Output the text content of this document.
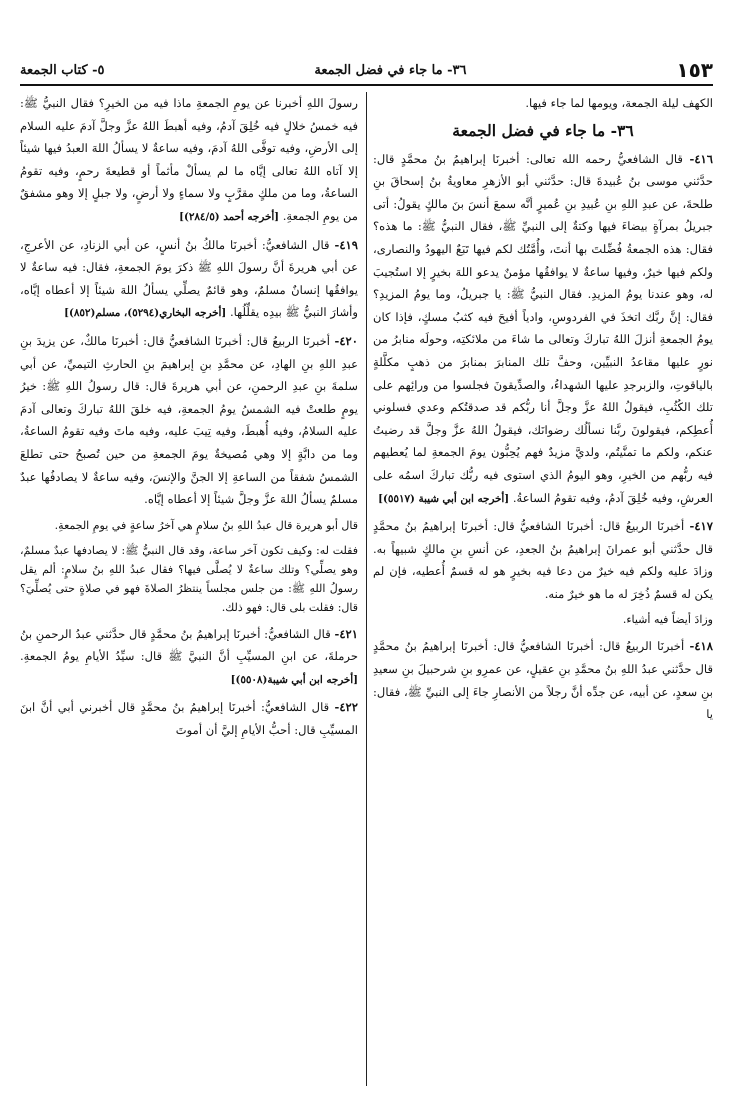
١٥٣
٣٦- ما جاء في فضل الجمعة
٥- كتاب الجمعة

الكهف ليلة الجمعة، ويومها لما جاء فيها.

٣٦- ما جاء في فضل الجمعة

٤١٦- قال الشافعيُّ رحمه الله تعالى: أخبرنَا إبراهيمُ بنُ محمَّدٍ قال: حدَّثني موسى بنُ عُبيدةَ قال: حدَّثني أبو الأزهرِ معاويةُ بنُ إسحاقَ بنِ طلحةَ، عن عبدِ اللهِ بنِ عُبيدِ بنِ عُميرٍ أنَّه سمعَ أنسَ بنَ مالكٍ يقولُ: أتى جبريلُ بمرآةٍ بيضاءَ فيها وكتةٌ إلى النبيِّ ﷺ، فقال النبيُّ ﷺ: ما هذه؟ فقال: هذه الجمعةُ فُضِّلتَ بها أنتَ، وأُمَّتُك لكم فيها تَبَعٌ اليهودُ والنصارى، ولكم فيها خيرٌ، وفيها ساعةٌ لا يوافقُها مؤمنٌ يدعو اللهَ بخيرٍ إلا استُجيبَ له، وهو عندنا يومُ المزيدِ. فقال النبيُّ ﷺ: يا جبريلُ، وما يومُ المزيدِ؟ فقال: إنَّ ربَّك اتخذَ في الفردوسِ، وادياً أفيحَ فيه كثبُ مسكٍ، فإذا كان يومُ الجمعةِ أنزلَ اللهُ تباركَ وتعالى ما شاءَ من ملائكتِه، وحولَه منابرُ من نورٍ عليها مقاعدُ النبيِّين، وحفَّ تلك المنابرَ بمنابرَ من ذهبٍ مكلَّلةٍ بالياقوتِ، والزبرجدِ عليها الشهداءُ، والصدِّيقونَ فجلسوا من ورائِهم على تلك الكُثُبِ، فيقولُ اللهُ عزَّ وجلَّ أنا ربُّكم قد صدقتُكم وعدي فسلوني أُعطِكم، فيقولونَ ربَّنا نسألُك رضوانَك، فيقولُ اللهُ عزَّ وجلَّ قد رضيتُ عنكم، ولكم ما تمنَّيتُم، ولديَّ مزيدٌ فهم يُحِبُّون يومَ الجمعةِ لما يُعطيهم فيه ربُّهم من الخيرِ، وهو اليومُ الذي استوى فيه ربُّك تباركَ اسمُه على العرشِ، وفيه خُلِقَ آدمُ، وفيه تقومُ الساعةُ. [أخرجه ابن أبي شيبة (٥٥١٧)]

٤١٧- أخبرنَا الربيعُ قال: أخبرنَا الشافعيُّ قال: أخبرنَا إبراهيمُ بنُ محمَّدٍ قال حدَّثني أبو عمرانَ إبراهيمُ بنُ الجعدِ، عن أنسِ بنِ مالكٍ شبيهاً به. وزادَ عليه ولكم فيه خيرٌ من دعا فيه بخيرٍ هو له قسمٌ أُعطيه، فإن لم يكن له قسمٌ ذُخِرَ له ما هو خيرٌ منه.

وزادَ أيضاً فيه أشياء.

٤١٨- أخبرنَا الربيعُ قال: أخبرنَا الشافعيُّ قال: أخبرنَا إبراهيمُ بنُ محمَّدٍ قال حدَّثني عبدُ اللهِ بنُ محمَّدِ بنِ عقيلٍ، عن عمرِو بنِ شرحبيلَ بنِ سعيدِ بنِ سعدٍ، عن أبيه، عن جدِّه أنَّ رجلاً من الأنصارِ جاءَ إلى النبيِّ ﷺ، فقال: يا

رسولَ اللهِ أخبرنا عن يومِ الجمعةِ ماذا فيه من الخيرِ؟ فقال النبيُّ ﷺ: فيه خمسُ خلالٍ فيه خُلِقَ آدمُ، وفيه أهبطَ اللهُ عزَّ وجلَّ آدمَ عليه السلام إلى الأرضِ، وفيه توفَّى اللهُ آدمَ، وفيه ساعةٌ لا يسألُ اللهَ العبدُ فيها شيئاً إلا آتاه اللهُ تعالى إيَّاه ما لم يسألْ مأثماً أو قطيعةَ رحمٍ، وفيه تقومُ الساعةُ، وما من ملكٍ مقرَّبٍ ولا سماءٍ ولا أرضٍ، ولا جبلٍ إلا وهو مشفقٌ من يومِ الجمعةِ. [أخرجه أحمد (٢٨٤/٥)]

٤١٩- قال الشافعيُّ: أخبرنَا مالكُ بنُ أنسٍ، عن أبي الزنادِ، عن الأعرجِ، عن أبي هريرةَ أنَّ رسولَ اللهِ ﷺ ذكرَ يومَ الجمعةِ، فقال: فيه ساعةٌ لا يوافقُها إنسانٌ مسلمٌ، وهو قائمٌ يصلِّي يسألُ اللهَ شيئاً إلا أعطاه إيَّاه، وأشارَ النبيُّ ﷺ بيدِه يقلِّلُها. [أخرجه البخاري(٥٢٩٤)، مسلم(٨٥٢)]

٤٢٠- أخبرنَا الربيعُ قال: أخبرنَا الشافعيُّ قال: أخبرنَا مالكٌ، عن يزيدَ بنِ عبدِ اللهِ بنِ الهادِ، عن محمَّدِ بنِ إبراهيمَ بنِ الحارثِ التيميِّ، عن أبي سلمةَ بنِ عبدِ الرحمنِ، عن أبي هريرةَ قال: قال رسولُ اللهِ ﷺ: خيرُ يومٍ طلعتْ فيه الشمسُ يومُ الجمعةِ، فيه خلقَ اللهُ تباركَ وتعالى آدمَ عليه السلامُ، وفيه أُهبطَ، وفيه تِيبَ عليه، وفيه ماتَ وفيه تقومُ الساعةُ، وما من دابَّةٍ إلا وهي مُصيخةٌ يومَ الجمعةِ من حين تُصبحُ حتى تطلعَ الشمسُ شفقاً من الساعةِ إلا الجنَّ والإنسَ، وفيه ساعةٌ لا يصادفُها عبدٌ مسلمٌ يسألُ اللهَ عزَّ وجلَّ شيئاً إلا أعطاه إيَّاه.

قال أبو هريرة قال عبدُ اللهِ بنُ سلامٍ هي آخرُ ساعةٍ في يومِ الجمعةِ.

فقلت له: وكيف تكون آخر ساعة، وقد قال النبيُّ ﷺ: لا يصادفها عبدٌ مسلمٌ، وهو يصلِّي؟ وتلك ساعةٌ لا يُصلَّى فيها؟ فقال عبدُ اللهِ بنُ سلامٍ: ألم يقل رسولُ اللهِ ﷺ: من جلس مجلساً ينتظرُ الصلاةَ فهو في صلاةٍ حتى يُصلِّيَ؟ قال: فقلت بلى قال: فهو ذلك.

٤٢١- قال الشافعيُّ: أخبرنَا إبراهيمُ بنُ محمَّدٍ قال حدَّثني عبدُ الرحمنِ بنُ حرملةَ، عن ابنِ المسيِّبِ أنَّ النبيَّ ﷺ قال: سيِّدُ الأيامِ يومُ الجمعةِ. [أخرجه ابن أبي شيبة(٥٥٠٨)]

٤٢٢- قال الشافعيُّ: أخبرنَا إبراهيمُ بنُ محمَّدٍ قال أخبرني أبي أنَّ ابنَ المسيِّبِ قال: أحبُّ الأيامِ إليَّ أن أموتَ
